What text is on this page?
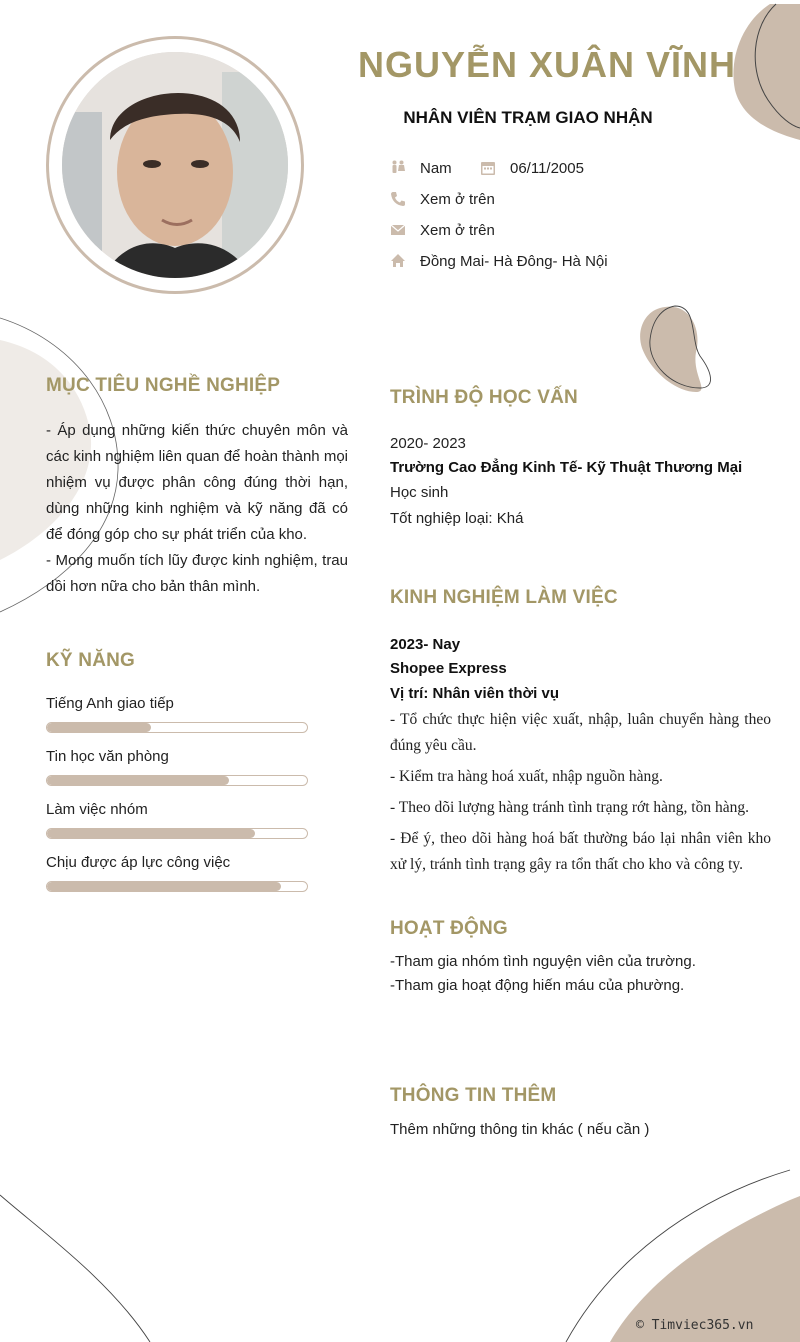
NGUYỄN XUÂN VĨNH
NHÂN VIÊN TRẠM GIAO NHẬN
Nam	06/11/2005
Xem ở trên
Xem ở trên
Đồng Mai- Hà Đông- Hà Nội
MỤC TIÊU NGHỀ NGHIỆP
- Áp dụng những kiến thức chuyên môn và các kinh nghiệm liên quan để hoàn thành mọi nhiệm vụ được phân công đúng thời hạn, dùng những kinh nghiệm và kỹ năng đã có để đóng góp cho sự phát triển của kho.
- Mong muốn tích lũy được kinh nghiệm, trau dồi hơn nữa cho bản thân mình.
KỸ NĂNG
Tiếng Anh giao tiếp
Tin học văn phòng
Làm việc nhóm
Chịu được áp lực công việc
TRÌNH ĐỘ HỌC VẤN
2020- 2023
Trường Cao Đẳng Kinh Tế- Kỹ Thuật Thương Mại
Học sinh
Tốt nghiệp loại: Khá
KINH NGHIỆM LÀM VIỆC
2023- Nay
Shopee Express
Vị trí: Nhân viên thời vụ
- Tổ chức thực hiện việc xuất, nhập, luân chuyển hàng theo đúng yêu cầu.
- Kiểm tra hàng hoá xuất, nhập nguồn hàng.
- Theo dõi lượng hàng tránh tình trạng rớt hàng, tồn hàng.
- Để ý, theo dõi hàng hoá bất thường báo lại nhân viên kho xử lý, tránh tình trạng gây ra tổn thất cho kho và công ty.
HOẠT ĐỘNG
-Tham gia nhóm tình nguyện viên của trường.
-Tham gia hoạt động hiến máu của phường.
THÔNG TIN THÊM
Thêm những thông tin khác ( nếu cần )
© Timviec365.vn
